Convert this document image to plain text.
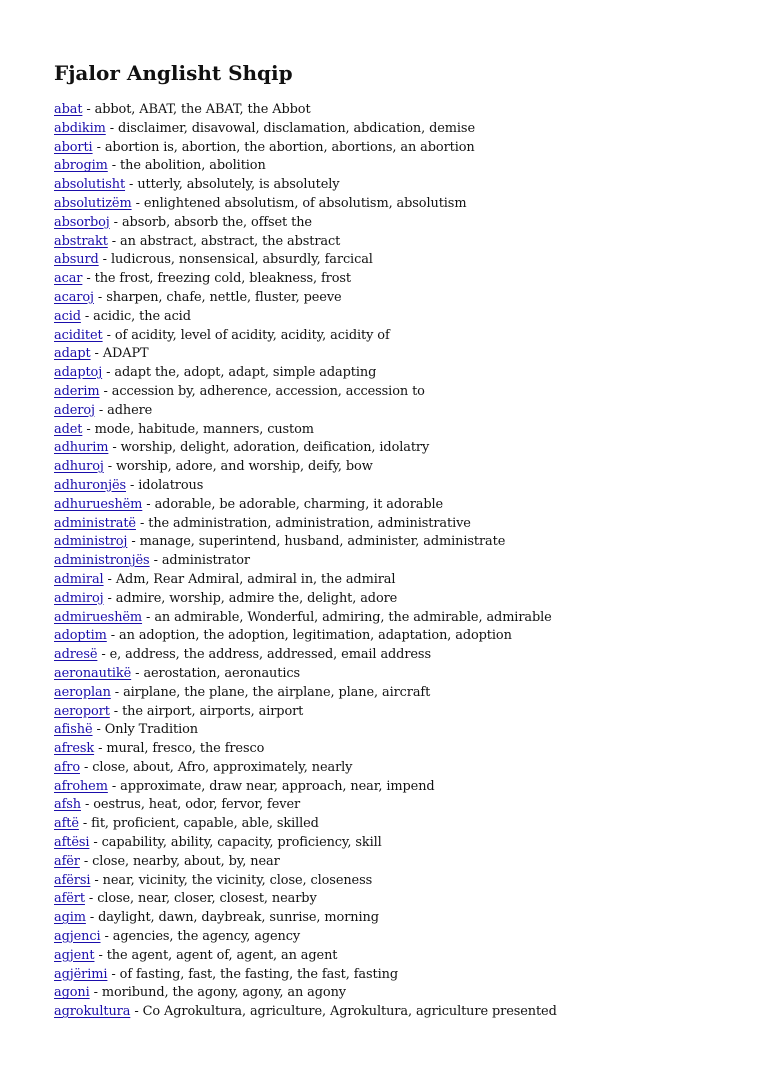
Fjalor Anglisht Shqip
abat - abbot, ABAT, the ABAT, the Abbot
abdikim - disclaimer, disavowal, disclamation, abdication, demise
aborti - abortion is, abortion, the abortion, abortions, an abortion
abrogim - the abolition, abolition
absolutisht - utterly, absolutely, is absolutely
absolutizëm - enlightened absolutism, of absolutism, absolutism
absorboj - absorb, absorb the, offset the
abstrakt - an abstract, abstract, the abstract
absurd - ludicrous, nonsensical, absurdly, farcical
acar - the frost, freezing cold, bleakness, frost
acaroj - sharpen, chafe, nettle, fluster, peeve
acid - acidic, the acid
aciditet - of acidity, level of acidity, acidity, acidity of
adapt - ADAPT
adaptoj - adapt the, adopt, adapt, simple adapting
aderim - accession by, adherence, accession, accession to
aderoj - adhere
adet - mode, habitude, manners, custom
adhurim - worship, delight, adoration, deification, idolatry
adhuroj - worship, adore, and worship, deify, bow
adhuronjës - idolatrous
adhurueshëm - adorable, be adorable, charming, it adorable
administratë - the administration, administration, administrative
administroj - manage, superintend, husband, administer, administrate
administronjës - administrator
admiral - Adm, Rear Admiral, admiral in, the admiral
admiroj - admire, worship, admire the, delight, adore
admirueshëm - an admirable, Wonderful, admiring, the admirable, admirable
adoptim - an adoption, the adoption, legitimation, adaptation, adoption
adresë - e, address, the address, addressed, email address
aeronautikë - aerostation, aeronautics
aeroplan - airplane, the plane, the airplane, plane, aircraft
aeroport - the airport, airports, airport
afishë - Only Tradition
afresk - mural, fresco, the fresco
afro - close, about, Afro, approximately, nearly
afrohem - approximate, draw near, approach, near, impend
afsh - oestrus, heat, odor, fervor, fever
aftë - fit, proficient, capable, able, skilled
aftësi - capability, ability, capacity, proficiency, skill
afër - close, nearby, about, by, near
afërsi - near, vicinity, the vicinity, close, closeness
afërt - close, near, closer, closest, nearby
agim - daylight, dawn, daybreak, sunrise, morning
agjenci - agencies, the agency, agency
agjent - the agent, agent of, agent, an agent
agjërimi - of fasting, fast, the fasting, the fast, fasting
agoni - moribund, the agony, agony, an agony
agrokultura - Co Agrokultura, agriculture, Agrokultura, agriculture presented
